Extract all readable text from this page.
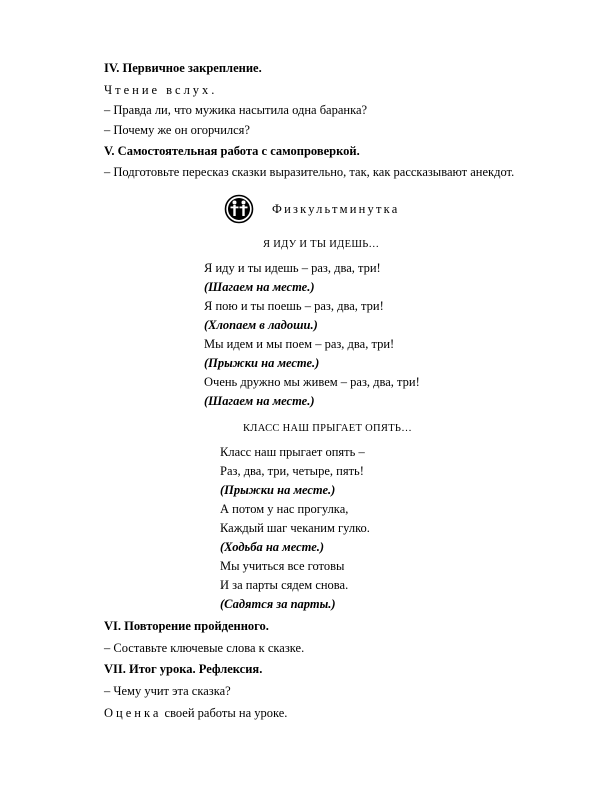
IV. Первичное закрепление.
Чтение вслух.
– Правда ли, что мужика насытила одна баранка?
– Почему же он огорчился?
V. Самостоятельная работа с самопроверкой.
– Подготовьте пересказ сказки выразительно, так, как рассказывают анекдот.
Физкультминутка
Я ИДУ И ТЫ ИДЕШЬ…
Я иду и ты идешь – раз, два, три!
(Шагаем на месте.)
Я пою и ты поешь – раз, два, три!
(Хлопаем в ладоши.)
Мы идем и мы поем – раз, два, три!
(Прыжки на месте.)
Очень дружно мы живем – раз, два, три!
(Шагаем на месте.)
КЛАСС НАШ ПРЫГАЕТ ОПЯТЬ…
Класс наш прыгает опять –
Раз, два, три, четыре, пять!
(Прыжки на месте.)
А потом у нас прогулка,
Каждый шаг чеканим гулко.
(Ходьба на месте.)
Мы учиться все готовы
И за парты сядем снова.
(Садятся за парты.)
VI. Повторение пройденного.
– Составьте ключевые слова к сказке.
VII. Итог урока. Рефлексия.
– Чему учит эта сказка?
Оценка своей работы на уроке.
